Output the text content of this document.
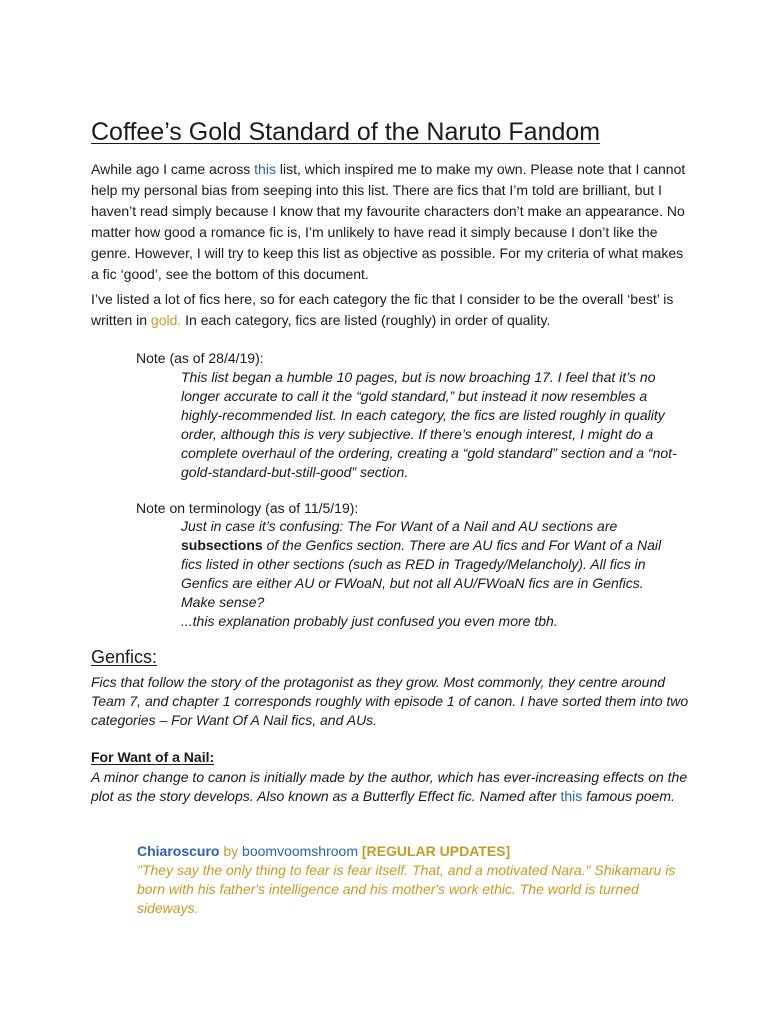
Coffee’s Gold Standard of the Naruto Fandom

Awhile ago I came across this list, which inspired me to make my own. Please note that I cannot help my personal bias from seeping into this list. There are fics that I’m told are brilliant, but I haven’t read simply because I know that my favourite characters don’t make an appearance. No matter how good a romance fic is, I’m unlikely to have read it simply because I don’t like the genre. However, I will try to keep this list as objective as possible. For my criteria of what makes a fic ‘good’, see the bottom of this document.

I’ve listed a lot of fics here, so for each category the fic that I consider to be the overall ‘best’ is written in gold. In each category, fics are listed (roughly) in order of quality.

Note (as of 28/4/19):

This list began a humble 10 pages, but is now broaching 17. I feel that it’s no longer accurate to call it the “gold standard,” but instead it now resembles a highly-recommended list. In each category, the fics are listed roughly in quality order, although this is very subjective. If there’s enough interest, I might do a complete overhaul of the ordering, creating a “gold standard” section and a “not-gold-standard-but-still-good” section.

Note on terminology (as of 11/5/19):

Just in case it’s confusing: The For Want of a Nail and AU sections are subsections of the Genfics section. There are AU fics and For Want of a Nail fics listed in other sections (such as RED in Tragedy/Melancholy). All fics in Genfics are either AU or FWoaN, but not all AU/FWoaN fics are in Genfics. Make sense?
...this explanation probably just confused you even more tbh.

Genfics:

Fics that follow the story of the protagonist as they grow. Most commonly, they centre around Team 7, and chapter 1 corresponds roughly with episode 1 of canon. I have sorted them into two categories – For Want Of A Nail fics, and AUs.

For Want of a Nail:

A minor change to canon is initially made by the author, which has ever-increasing effects on the plot as the story develops. Also known as a Butterfly Effect fic. Named after this famous poem.

Chiaroscuro by boomvoomshroom [REGULAR UPDATES]

"They say the only thing to fear is fear itself. That, and a motivated Nara." Shikamaru is born with his father's intelligence and his mother's work ethic. The world is turned sideways.
